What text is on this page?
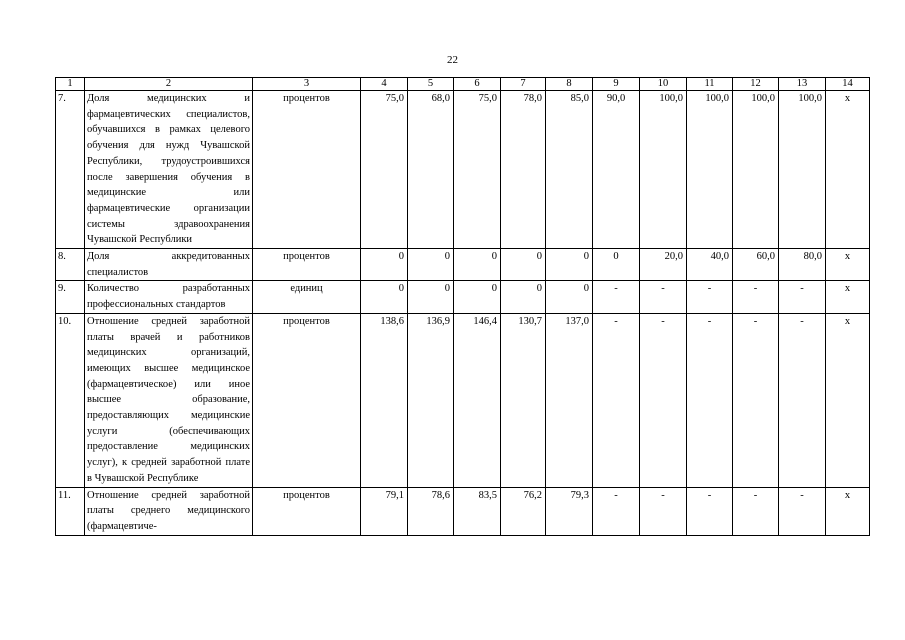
22
1	2	3	4	5	6	7	8	9	10	11	12	13	14
7.	Доля медицинских и фармацевтических специалистов, обучавшихся в рамках целевого обучения для нужд Чувашской Республики, трудоустроившихся после завершения обучения в медицинские или фармацевтические организации системы здравоохранения Чувашской Республики	процентов	75,0	68,0	75,0	78,0	85,0	90,0	100,0	100,0	100,0	100,0	x
8.	Доля аккредитованных специалистов	процентов	0	0	0	0	0	0	20,0	40,0	60,0	80,0	x
9.	Количество разработанных профессиональных стандартов	единиц	0	0	0	0	0	-	-	-	-	-	x
10.	Отношение средней заработной платы врачей и работников медицинских организаций, имеющих высшее медицинское (фармацевтическое) или иное высшее образование, предоставляющих медицинские услуги (обеспечивающих предоставление медицинских услуг), к средней заработной плате в Чувашской Республике	процентов	138,6	136,9	146,4	130,7	137,0	-	-	-	-	-	x
11.	Отношение средней заработной платы среднего медицинского (фармацевтиче-	процентов	79,1	78,6	83,5	76,2	79,3	-	-	-	-	-	x
